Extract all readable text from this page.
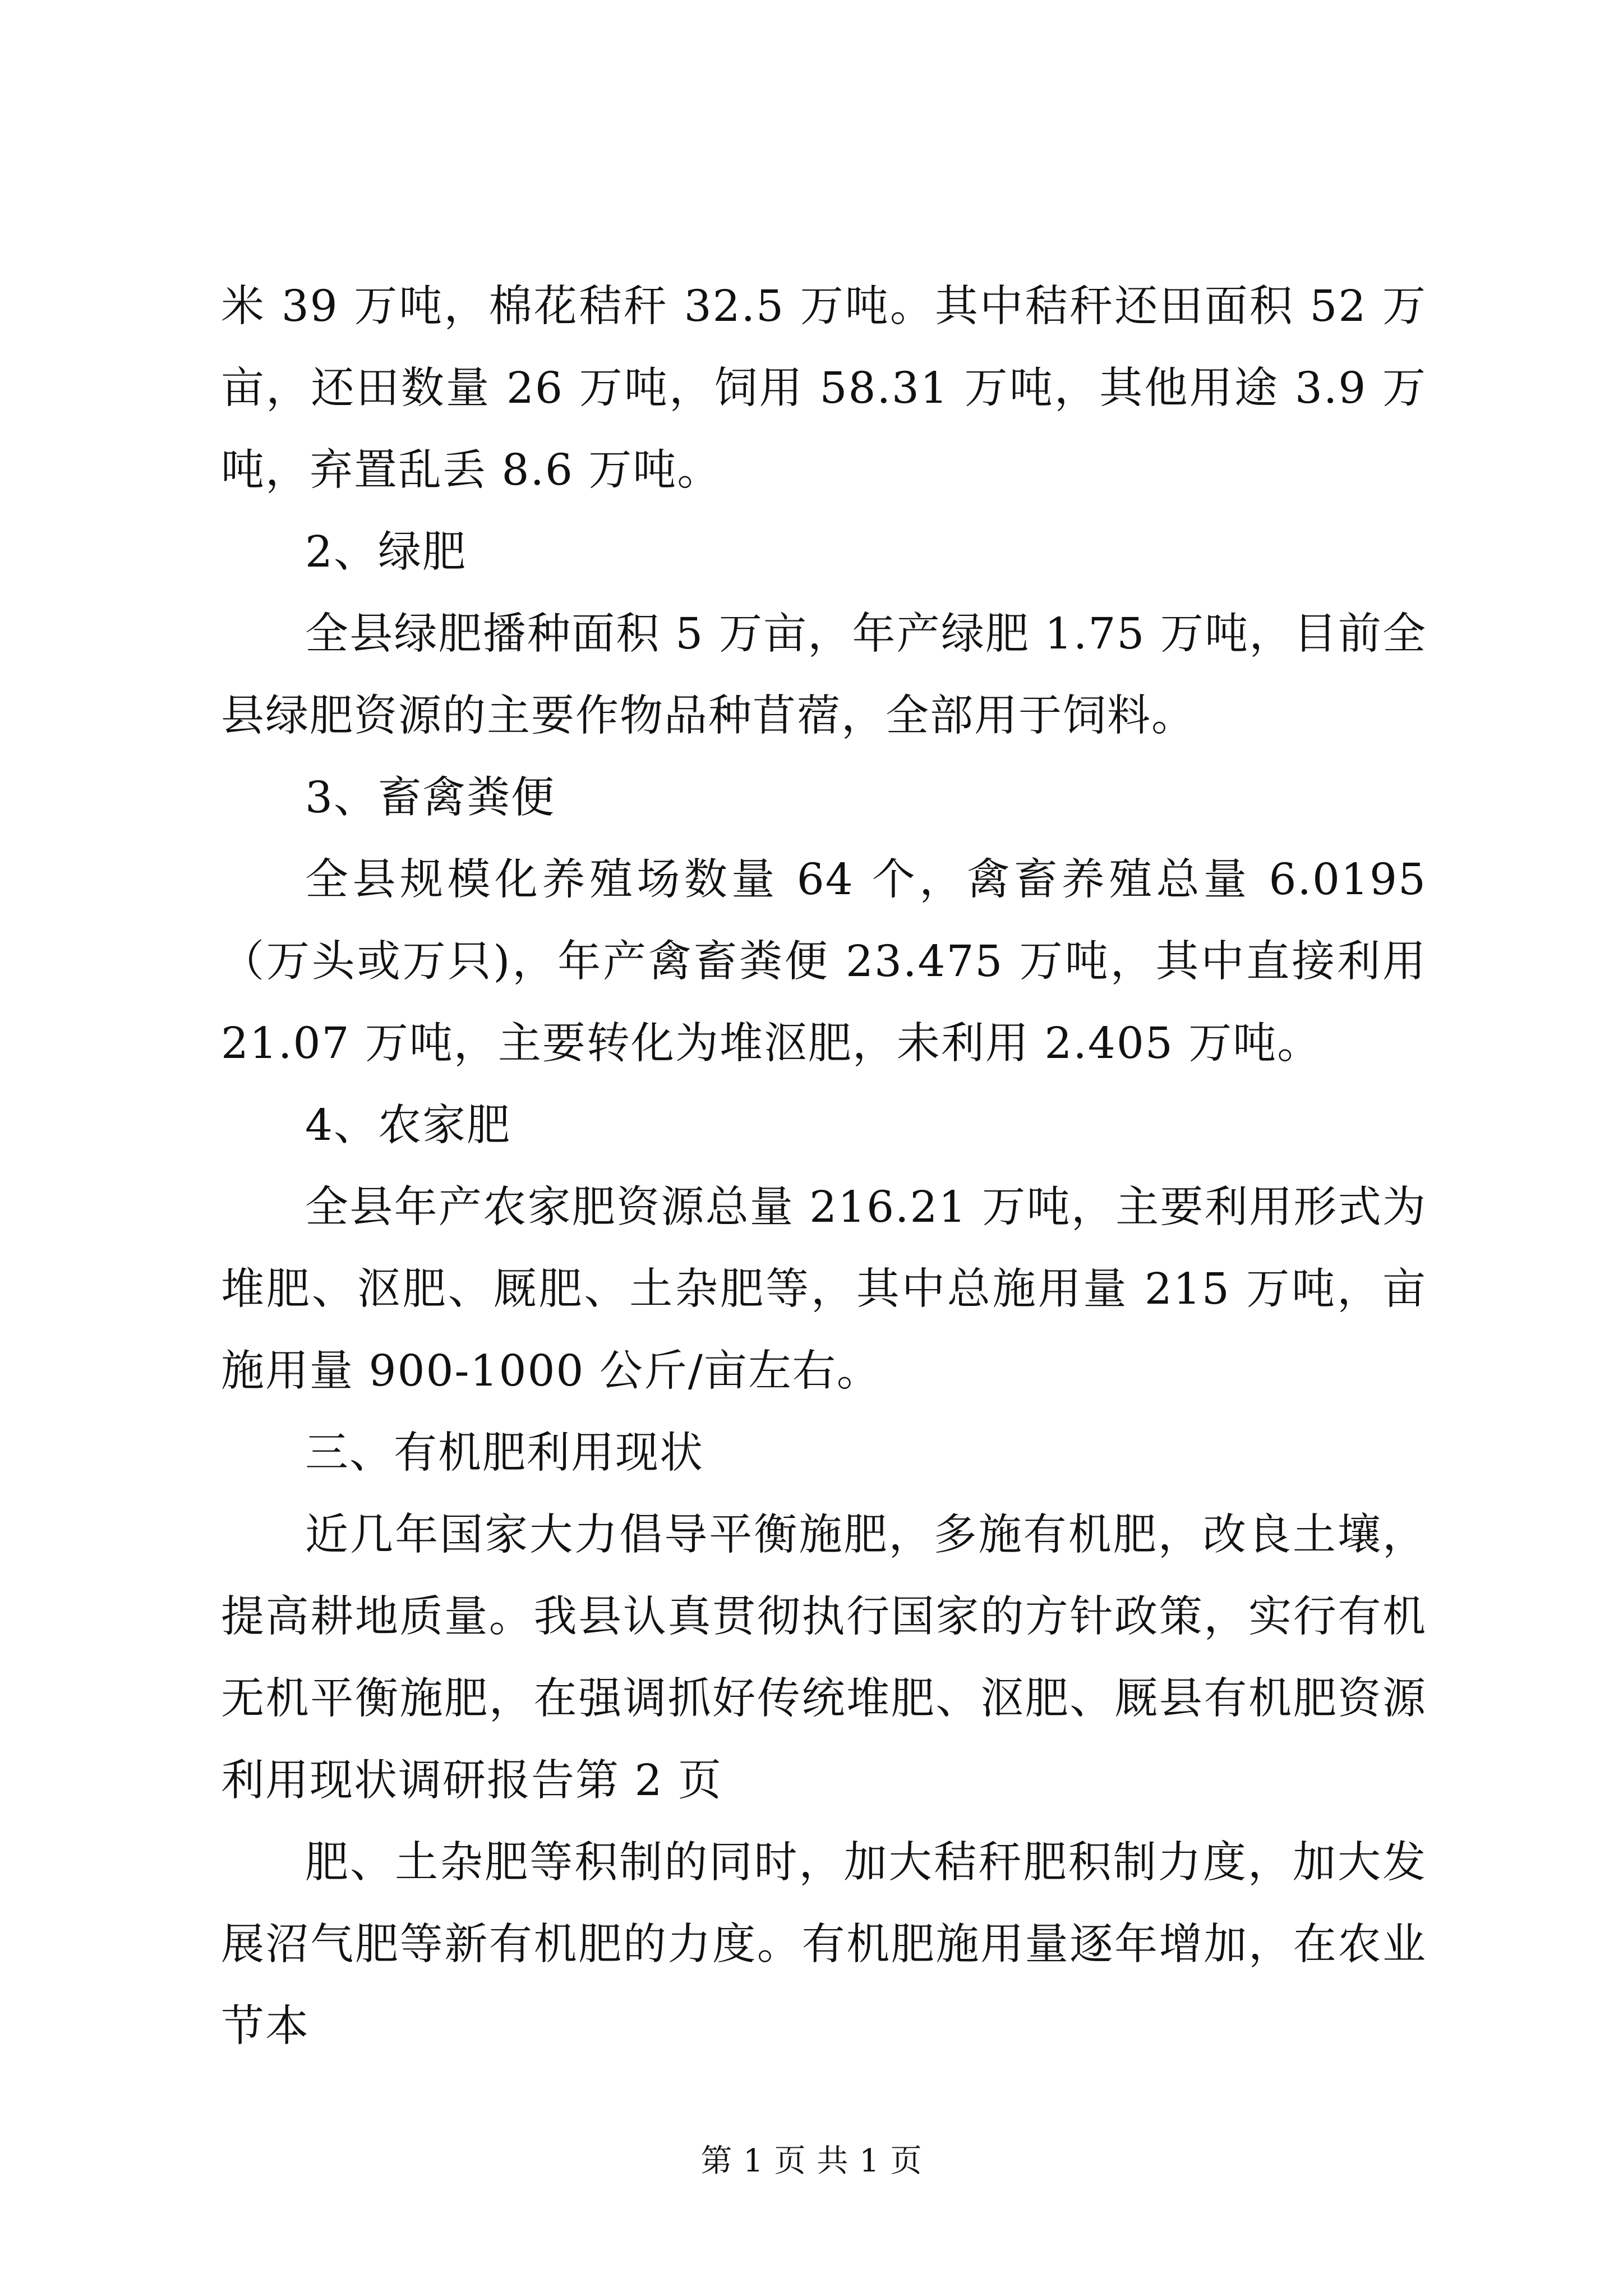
米 39 万吨，棉花秸秆 32.5 万吨。其中秸秆还田面积 52 万亩，还田数量 26 万吨，饲用 58.31 万吨，其他用途 3.9 万吨，弃置乱丢 8.6 万吨。

2、绿肥

全县绿肥播种面积 5 万亩，年产绿肥 1.75 万吨，目前全县绿肥资源的主要作物品种苜蓿，全部用于饲料。

3、畜禽粪便

全县规模化养殖场数量 64 个，禽畜养殖总量 6.0195（万头或万只)，年产禽畜粪便 23.475 万吨，其中直接利用 21.07 万吨，主要转化为堆沤肥，未利用 2.405 万吨。

4、农家肥

全县年产农家肥资源总量 216.21 万吨，主要利用形式为堆肥、沤肥、厩肥、土杂肥等，其中总施用量 215 万吨，亩施用量 900-1000 公斤/亩左右。

三、有机肥利用现状

近几年国家大力倡导平衡施肥，多施有机肥，改良土壤，提高耕地质量。我县认真贯彻执行国家的方针政策，实行有机无机平衡施肥，在强调抓好传统堆肥、沤肥、厩县有机肥资源利用现状调研报告第 2 页

肥、土杂肥等积制的同时，加大秸秆肥积制力度，加大发展沼气肥等新有机肥的力度。有机肥施用量逐年增加，在农业节本

第 1 页 共 1 页
